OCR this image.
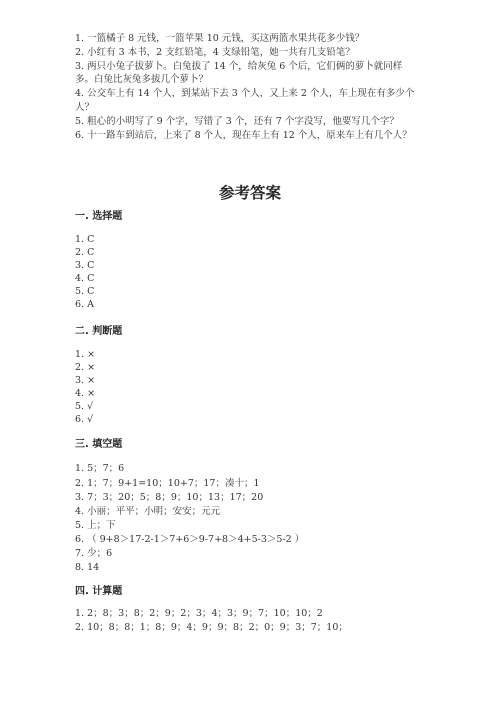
1. 一篮橘子 8 元钱，一篮苹果 10 元钱，买这两篮水果共花多少钱？
2. 小红有 3 本书，2 支红铅笔，4 支绿铅笔，她一共有几支铅笔？
3. 两只小兔子拔萝卜。白兔拔了 14 个，给灰兔 6 个后，它们俩的萝卜就同样
多。白兔比灰兔多拔几个萝卜？
4. 公交车上有 14 个人，到某站下去 3 个人，又上来 2 个人，车上现在有多少个
人？
5. 粗心的小明写了 9 个字，写错了 3 个，还有 7 个字没写，他要写几个字？
6. 十一路车到站后，上来了 8 个人，现在车上有 12 个人，原来车上有几个人？
参考答案
一. 选择题
1. C
2. C
3. C
4. C
5. C
6. A
二. 判断题
1. ×
2. ×
3. ×
4. ×
5. √
6. √
三. 填空题
1. 5；7；6
2. 1；7；9+1=10；10+7；17；凑十；1
3. 7；3；20；5；8；9；10；13；17；20
4. 小丽；平平；小明；安安；元元
5. 上；下
6. （ 9+8＞17-2-1＞7+6＞9-7+8＞4+5-3＞5-2 ）
7. 少；6
8. 14
四. 计算题
1. 2；8；3；8；2；9；2；3；4；3；9；7；10；10；2
2. 10；8；8；1；8；9；4；9；9；8；2；0；9；3；7；10；
